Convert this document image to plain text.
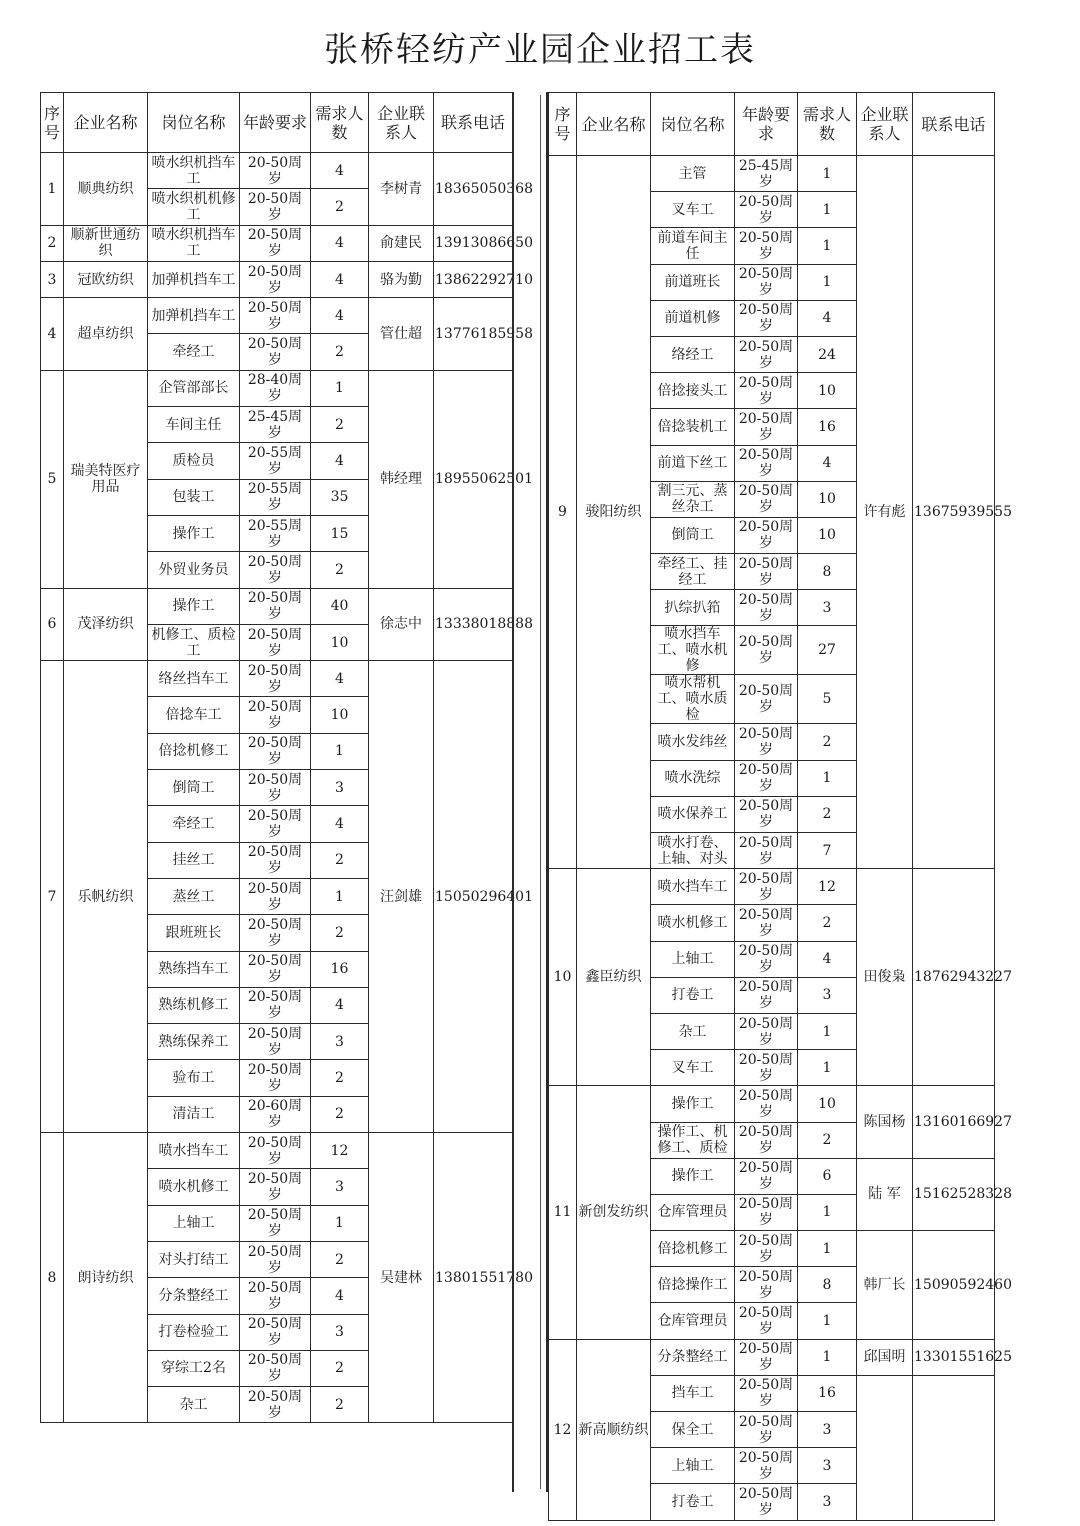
张桥轻纺产业园企业招工表
序号	企业名称	岗位名称	年龄要求	需求人数	企业联系人	联系电话
1	顺典纺织	喷水织机挡车工	20-50周岁	4	李树青	18365050368
		喷水织机机修工	20-50周岁	2		
2	顺新世通纺织	喷水织机挡车工	20-50周岁	4	俞建民	13913086650
3	冠欧纺织	加弹机挡车工	20-50周岁	4	骆为勤	13862292710
4	超卓纺织	加弹机挡车工	20-50周岁	4	管仕超	13776185958
		牵经工	20-50周岁	2		
5	瑞美特医疗用品	企管部部长	28-40周岁	1	韩经理	18955062501
		车间主任	25-45周岁	2		
		质检员	20-55周岁	4		
		包装工	20-55周岁	35		
		操作工	20-55周岁	15		
		外贸业务员	20-50周岁	2		
6	茂泽纺织	操作工	20-50周岁	40	徐志中	13338018888
		机修工、质检工	20-50周岁	10		
7	乐帆纺织	络丝挡车工	20-50周岁	4	汪剑雄	15050296401
		倍捻车工	20-50周岁	10		
		倍捻机修工	20-50周岁	1		
		倒筒工	20-50周岁	3		
		牵经工	20-50周岁	4		
		挂丝工	20-50周岁	2		
		蒸丝工	20-50周岁	1		
		跟班班长	20-50周岁	2		
		熟练挡车工	20-50周岁	16		
		熟练机修工	20-50周岁	4		
		熟练保养工	20-50周岁	3		
		验布工	20-50周岁	2		
		清洁工	20-60周岁	2		
8	朗诗纺织	喷水挡车工	20-50周岁	12	吴建林	13801551780
		喷水机修工	20-50周岁	3		
		上轴工	20-50周岁	1		
		对头打结工	20-50周岁	2		
		分条整经工	20-50周岁	4		
		打卷检验工	20-50周岁	3		
		穿综工2名	20-50周岁	2		
		杂工	20-50周岁	2		
序号	企业名称	岗位名称	年龄要求	需求人数	企业联系人	联系电话
9	骏阳纺织	主管	25-45周岁	1	许有彪	13675939555
		叉车工	20-50周岁	1		
		前道车间主任	20-50周岁	1		
		前道班长	20-50周岁	1		
		前道机修	20-50周岁	4		
		络经工	20-50周岁	24		
		倍捻接头工	20-50周岁	10		
		倍捻装机工	20-50周岁	16		
		前道下丝工	20-50周岁	4		
		割三元、蒸丝杂工	20-50周岁	10		
		倒筒工	20-50周岁	10		
		牵经工、挂经工	20-50周岁	8		
		扒综扒筘	20-50周岁	3		
		喷水挡车工、喷水机修	20-50周岁	27		
		喷水帮机工、喷水质检	20-50周岁	5		
		喷水发纬丝	20-50周岁	2		
		喷水洗综	20-50周岁	1		
		喷水保养工	20-50周岁	2		
		喷水打卷、上轴、对头	20-50周岁	7		
10	鑫臣纺织	喷水挡车工	20-50周岁	12	田俊枭	18762943227
		喷水机修工	20-50周岁	2		
		上轴工	20-50周岁	4		
		打卷工	20-50周岁	3		
		杂工	20-50周岁	1		
		叉车工	20-50周岁	1		
11	新创发纺织	操作工	20-50周岁	10	陈国杨	13160166927
		操作工、机修工、质检	20-50周岁	2		
		操作工	20-50周岁	6	陆 军	15162528328
		仓库管理员	20-50周岁	1		
		倍捻机修工	20-50周岁	1	韩厂长	15090592460
		倍捻操作工	20-50周岁	8		
		仓库管理员	20-50周岁	1		
12	新高顺纺织	分条整经工	20-50周岁	1	邱国明	13301551625
		挡车工	20-50周岁	16		
		保全工	20-50周岁	3		
		上轴工	20-50周岁	3		
		打卷工	20-50周岁	3		
